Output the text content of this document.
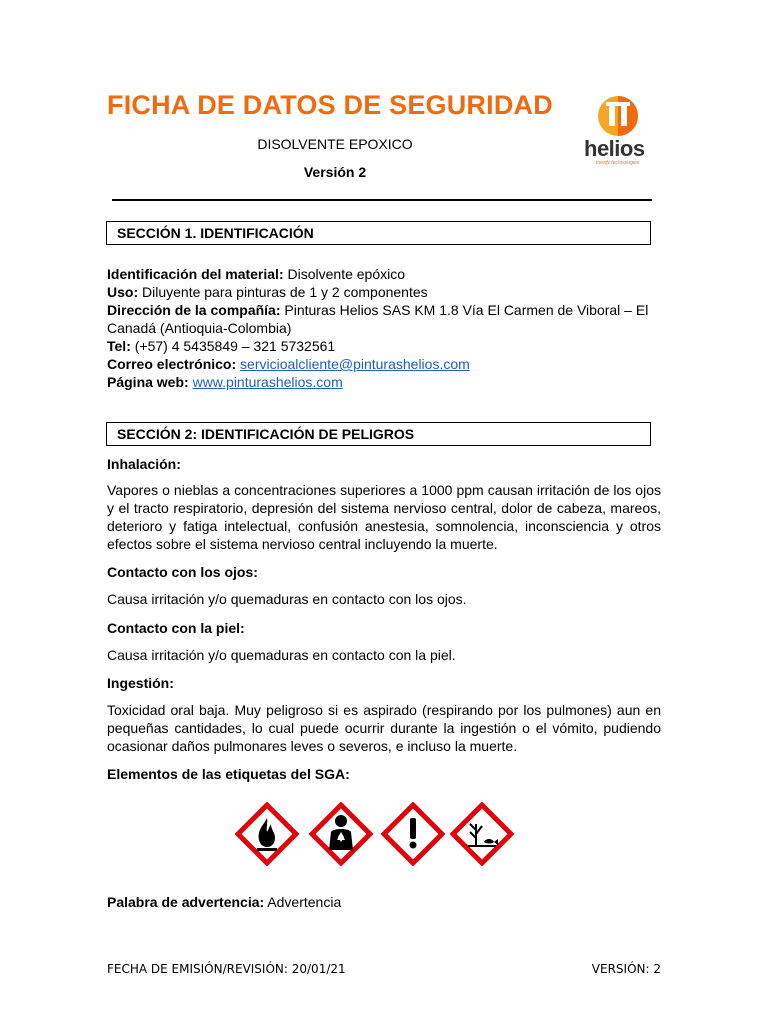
FICHA DE DATOS DE SEGURIDAD
DISOLVENTE EPOXICO
Versión 2
helios
trendy technologies
SECCIÓN 1. IDENTIFICACIÓN
Identificación del material: Disolvente epóxico
Uso: Diluyente para pinturas de 1 y 2 componentes
Dirección de la compañía: Pinturas Helios SAS KM 1.8 Vía El Carmen de Viboral – El Canadá (Antioquia-Colombia)
Tel: (+57) 4 5435849 – 321 5732561
Correo electrónico: servicioalcliente@pinturashelios.com
Página web: www.pinturashelios.com
SECCIÓN 2: IDENTIFICACIÓN DE PELIGROS
Inhalación:
Vapores o nieblas a concentraciones superiores a 1000 ppm causan irritación de los ojos y el tracto respiratorio, depresión del sistema nervioso central, dolor de cabeza, mareos, deterioro y fatiga intelectual, confusión anestesia, somnolencia, inconsciencia y otros efectos sobre el sistema nervioso central incluyendo la muerte.
Contacto con los ojos:
Causa irritación y/o quemaduras en contacto con los ojos.
Contacto con la piel:
Causa irritación y/o quemaduras en contacto con la piel.
Ingestión:
Toxicidad oral baja. Muy peligroso si es aspirado (respirando por los pulmones) aun en pequeñas cantidades, lo cual puede ocurrir durante la ingestión o el vómito, pudiendo ocasionar daños pulmonares leves o severos, e incluso la muerte.
Elementos de las etiquetas del SGA:
Palabra de advertencia: Advertencia
FECHA DE EMISIÓN/REVISIÓN: 20/01/21	VERSIÓN: 2
